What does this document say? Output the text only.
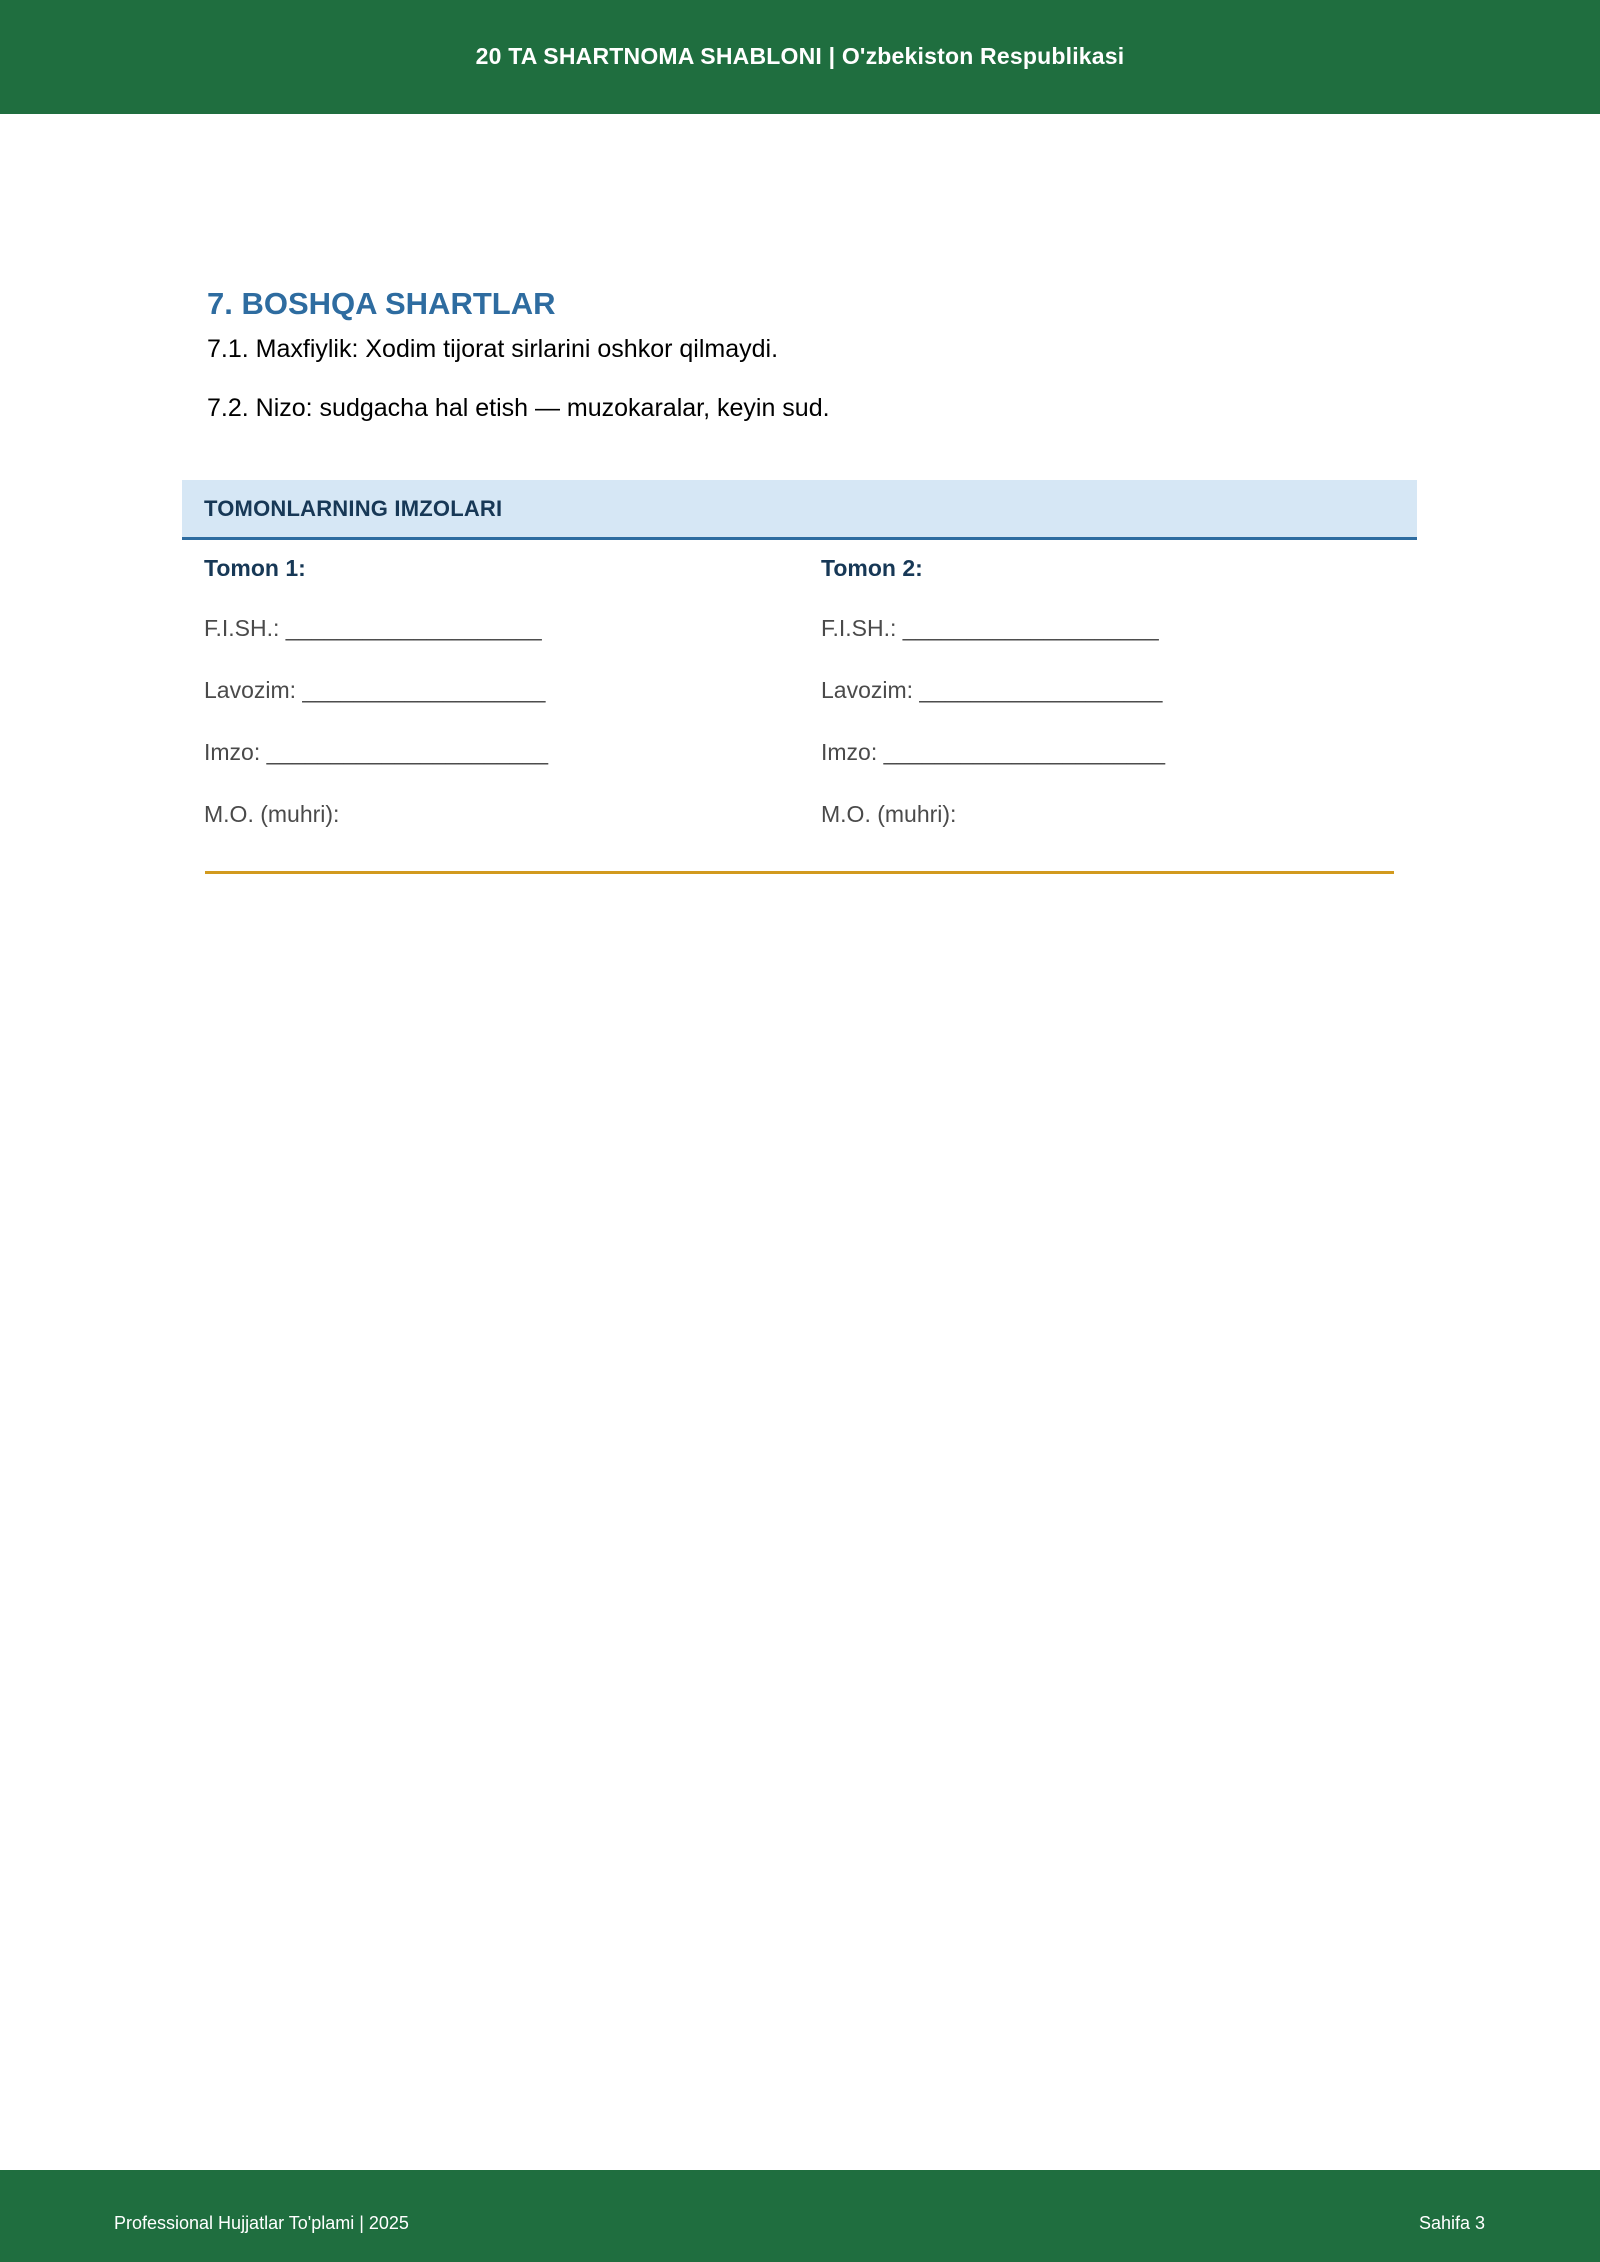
20 TA SHARTNOMA SHABLONI | O'zbekiston Respublikasi
7. BOSHQA SHARTLAR

7.1. Maxfiylik: Xodim tijorat sirlarini oshkor qilmaydi.

7.2. Nizo: sudgacha hal etish — muzokaralar, keyin sud.

TOMONLARNING IMZOLARI
Tomon 1:
F.I.SH.: ____________________
Lavozim: ___________________
Imzo: ______________________
M.O. (muhri):
Tomon 2:
F.I.SH.: ____________________
Lavozim: ___________________
Imzo: ______________________
M.O. (muhri):
Professional Hujjatlar To'plami | 2025	Sahifa 3
